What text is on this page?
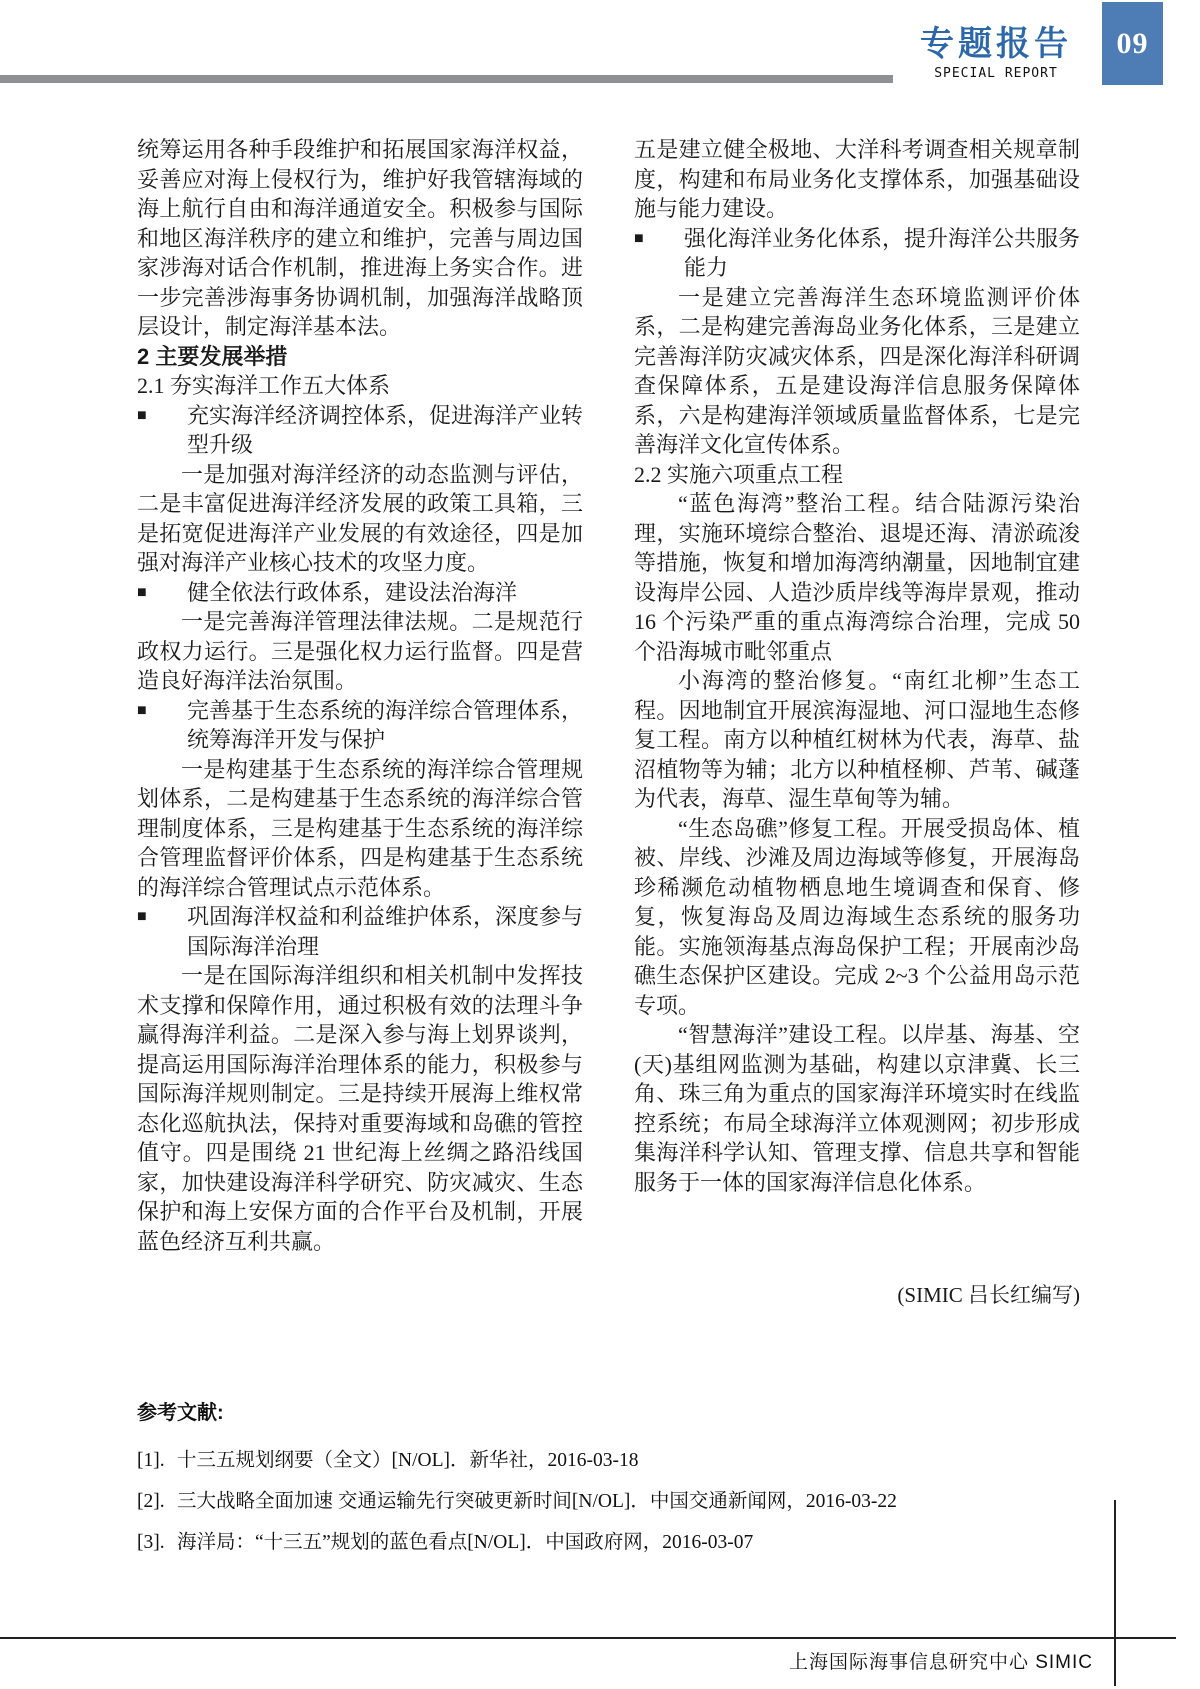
专题报告
SPECIAL REPORT
09

统筹运用各种手段维护和拓展国家海洋权益，妥善应对海上侵权行为，维护好我管辖海域的海上航行自由和海洋通道安全。积极参与国际和地区海洋秩序的建立和维护，完善与周边国家涉海对话合作机制，推进海上务实合作。进一步完善涉海事务协调机制，加强海洋战略顶层设计，制定海洋基本法。

2 主要发展举措

2.1 夯实海洋工作五大体系

■	充实海洋经济调控体系，促进海洋产业转型升级

一是加强对海洋经济的动态监测与评估，二是丰富促进海洋经济发展的政策工具箱，三是拓宽促进海洋产业发展的有效途径，四是加强对海洋产业核心技术的攻坚力度。

■	健全依法行政体系，建设法治海洋

一是完善海洋管理法律法规。二是规范行政权力运行。三是强化权力运行监督。四是营造良好海洋法治氛围。

■	完善基于生态系统的海洋综合管理体系，统筹海洋开发与保护

一是构建基于生态系统的海洋综合管理规划体系，二是构建基于生态系统的海洋综合管理制度体系，三是构建基于生态系统的海洋综合管理监督评价体系，四是构建基于生态系统的海洋综合管理试点示范体系。

■	巩固海洋权益和利益维护体系，深度参与国际海洋治理

一是在国际海洋组织和相关机制中发挥技术支撑和保障作用，通过积极有效的法理斗争赢得海洋利益。二是深入参与海上划界谈判，提高运用国际海洋治理体系的能力，积极参与国际海洋规则制定。三是持续开展海上维权常态化巡航执法，保持对重要海域和岛礁的管控值守。四是围绕 21 世纪海上丝绸之路沿线国家，加快建设海洋科学研究、防灾减灾、生态保护和海上安保方面的合作平台及机制，开展蓝色经济互利共赢。

五是建立健全极地、大洋科考调查相关规章制度，构建和布局业务化支撑体系，加强基础设施与能力建设。

■	强化海洋业务化体系，提升海洋公共服务能力

一是建立完善海洋生态环境监测评价体系，二是构建完善海岛业务化体系，三是建立完善海洋防灾减灾体系，四是深化海洋科研调查保障体系，五是建设海洋信息服务保障体系，六是构建海洋领域质量监督体系，七是完善海洋文化宣传体系。

2.2 实施六项重点工程

“蓝色海湾”整治工程。结合陆源污染治理，实施环境综合整治、退堤还海、清淤疏浚等措施，恢复和增加海湾纳潮量，因地制宜建设海岸公园、人造沙质岸线等海岸景观，推动 16 个污染严重的重点海湾综合治理，完成 50 个沿海城市毗邻重点

小海湾的整治修复。“南红北柳”生态工程。因地制宜开展滨海湿地、河口湿地生态修复工程。南方以种植红树林为代表，海草、盐沼植物等为辅；北方以种植柽柳、芦苇、碱蓬为代表，海草、湿生草甸等为辅。

“生态岛礁”修复工程。开展受损岛体、植被、岸线、沙滩及周边海域等修复，开展海岛珍稀濒危动植物栖息地生境调查和保育、修复，恢复海岛及周边海域生态系统的服务功能。实施领海基点海岛保护工程；开展南沙岛礁生态保护区建设。完成 2~3 个公益用岛示范专项。

“智慧海洋”建设工程。以岸基、海基、空(天)基组网监测为基础，构建以京津冀、长三角、珠三角为重点的国家海洋环境实时在线监控系统；布局全球海洋立体观测网；初步形成集海洋科学认知、管理支撑、信息共享和智能服务于一体的国家海洋信息化体系。

(SIMIC 吕长红编写)

参考文献:
[1]. 十三五规划纲要（全文）[N/OL]．新华社，2016-03-18
[2]. 三大战略全面加速 交通运输先行突破更新时间[N/OL]．中国交通新闻网，2016-03-22
[3]. 海洋局：“十三五”规划的蓝色看点[N/OL]．中国政府网，2016-03-07
上海国际海事信息研究中心 SIMIC
